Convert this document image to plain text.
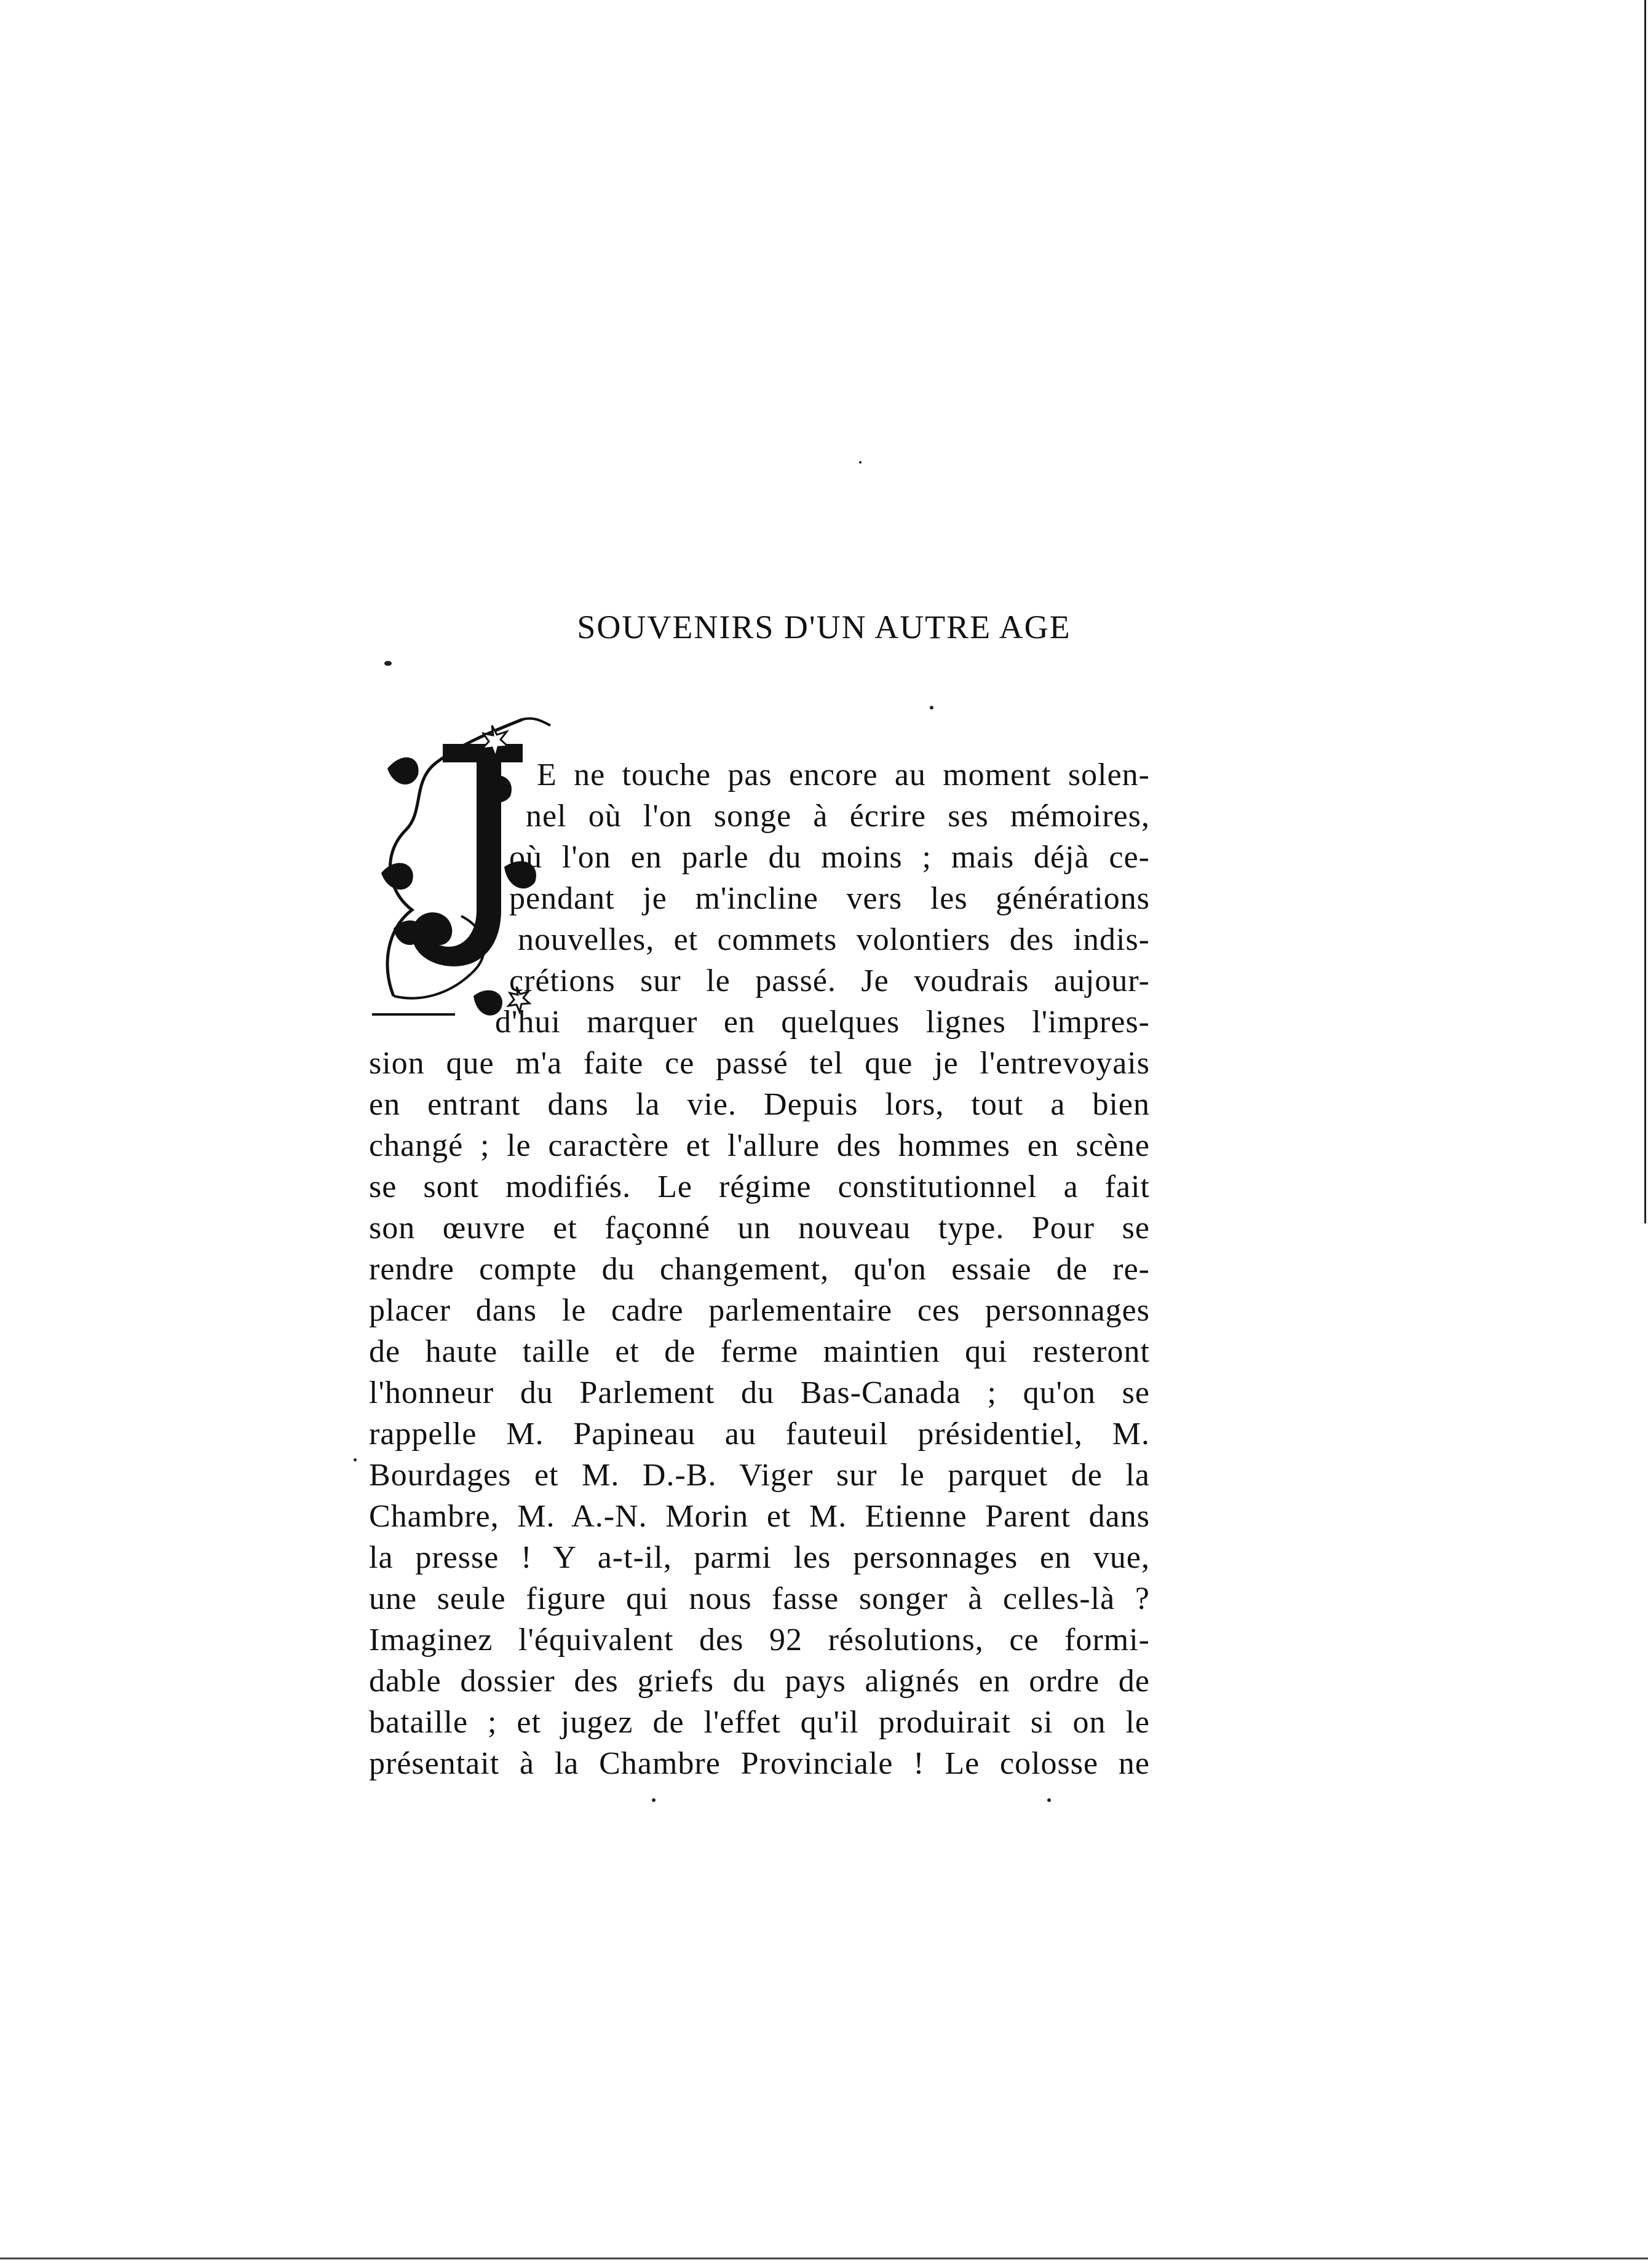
SOUVENIRS D'UN AUTRE AGE
E ne touche pas encore au moment solen-
nel où l'on songe à écrire ses mémoires,
où l'on en parle du moins ; mais déjà ce-
pendant je m'incline vers les générations
nouvelles, et commets volontiers des indis-
crétions sur le passé. Je voudrais aujour-
d'hui marquer en quelques lignes l'impres-
sion que m'a faite ce passé tel que je l'entrevoyais
en entrant dans la vie. Depuis lors, tout a bien
changé ; le caractère et l'allure des hommes en scène
se sont modifiés. Le régime constitutionnel a fait
son œuvre et façonné un nouveau type. Pour se
rendre compte du changement, qu'on essaie de re-
placer dans le cadre parlementaire ces personnages
de haute taille et de ferme maintien qui resteront
l'honneur du Parlement du Bas-Canada ; qu'on se
rappelle M. Papineau au fauteuil présidentiel, M.
Bourdages et M. D.-B. Viger sur le parquet de la
Chambre, M. A.-N. Morin et M. Etienne Parent dans
la presse ! Y a-t-il, parmi les personnages en vue,
une seule figure qui nous fasse songer à celles-là ?
Imaginez l'équivalent des 92 résolutions, ce formi-
dable dossier des griefs du pays alignés en ordre de
bataille ; et jugez de l'effet qu'il produirait si on le
présentait à la Chambre Provinciale ! Le colosse ne
